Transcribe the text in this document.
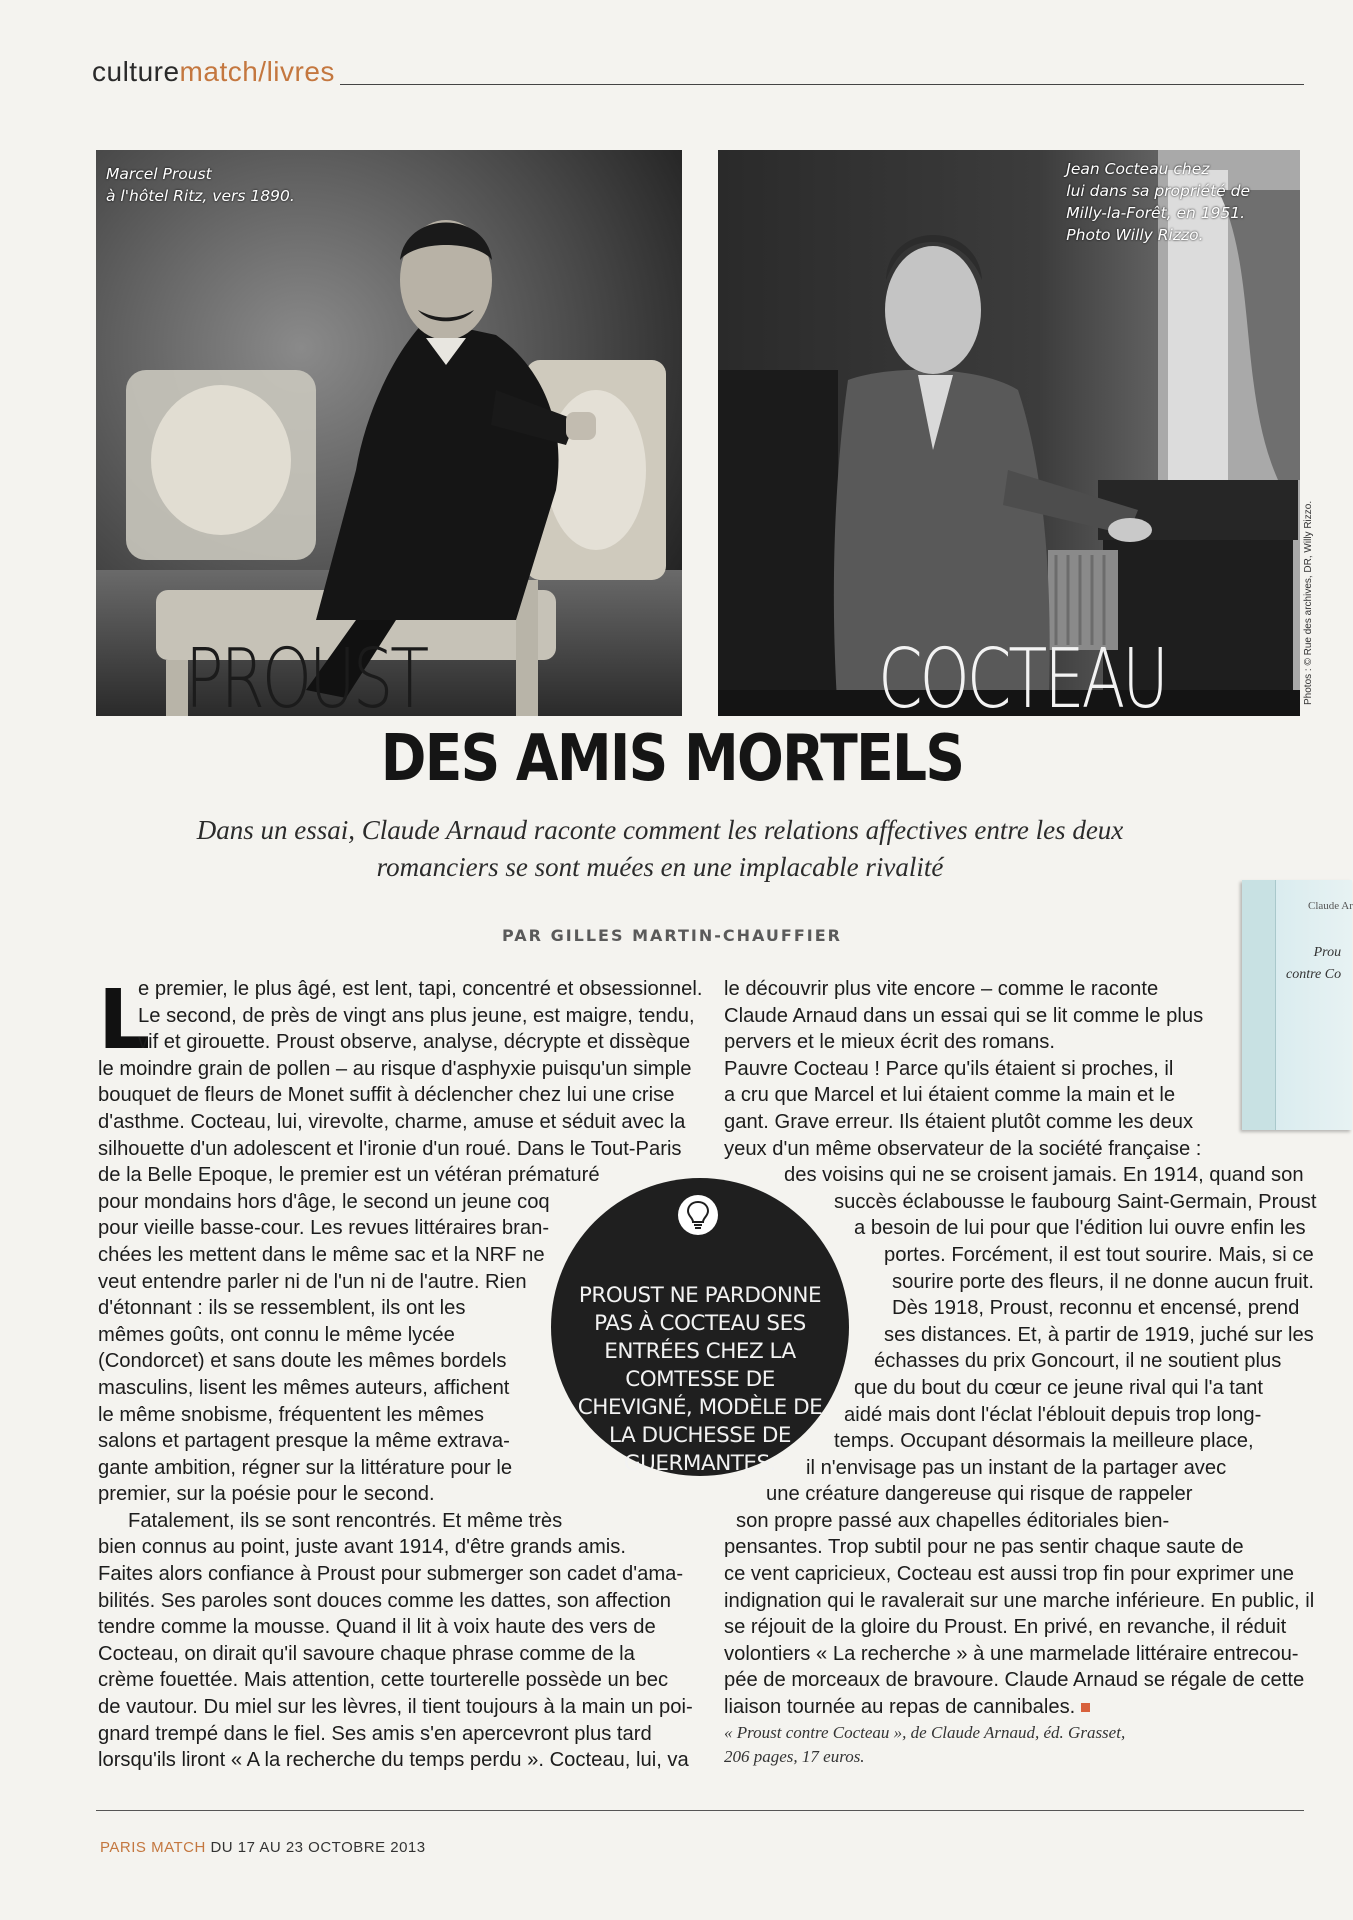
culturematch/livres
Marcel Proust
à l'hôtel Ritz, vers 1890.
Jean Cocteau chez
lui dans sa propriété de
Milly-la-Forêt, en 1951.
Photo Willy Rizzo.
PROUST	COCTEAU	Photos : © Rue des archives, DR, Willy Rizzo.
Claude Ar
Prou
contre Co
DES AMIS MORTELS

Dans un essai, Claude Arnaud raconte comment les relations affectives entre les deux romanciers se sont muées en une implacable rivalité

PAR GILLES MARTIN-CHAUFFIER
L
e premier, le plus âgé, est lent, tapi, concentré et obsessionnel.
Le second, de près de vingt ans plus jeune, est maigre, tendu,
vif et girouette. Proust observe, analyse, décrypte et dissèque
le moindre grain de pollen – au risque d'asphyxie puisqu'un simple
bouquet de fleurs de Monet suffit à déclencher chez lui une crise
d'asthme. Cocteau, lui, virevolte, charme, amuse et séduit avec la
silhouette d'un adolescent et l'ironie d'un roué. Dans le Tout-Paris
de la Belle Epoque, le premier est un vétéran prématuré
pour mondains hors d'âge, le second un jeune coq
pour vieille basse-cour. Les revues littéraires bran-
chées les mettent dans le même sac et la NRF ne
veut entendre parler ni de l'un ni de l'autre. Rien
d'étonnant : ils se ressemblent, ils ont les
mêmes goûts, ont connu le même lycée
(Condorcet) et sans doute les mêmes bordels
masculins, lisent les mêmes auteurs, affichent
le même snobisme, fréquentent les mêmes
salons et partagent presque la même extrava-
gante ambition, régner sur la littérature pour le
premier, sur la poésie pour le second.
Fatalement, ils se sont rencontrés. Et même très
bien connus au point, juste avant 1914, d'être grands amis.
Faites alors confiance à Proust pour submerger son cadet d'ama-
bilités. Ses paroles sont douces comme les dattes, son affection
tendre comme la mousse. Quand il lit à voix haute des vers de
Cocteau, on dirait qu'il savoure chaque phrase comme de la
crème fouettée. Mais attention, cette tourterelle possède un bec
de vautour. Du miel sur les lèvres, il tient toujours à la main un poi-
gnard trempé dans le fiel. Ses amis s'en apercevront plus tard
lorsqu'ils liront « A la recherche du temps perdu ». Cocteau, lui, va
le découvrir plus vite encore – comme le raconte
Claude Arnaud dans un essai qui se lit comme le plus
pervers et le mieux écrit des romans.
Pauvre Cocteau ! Parce qu'ils étaient si proches, il
a cru que Marcel et lui étaient comme la main et le
gant. Grave erreur. Ils étaient plutôt comme les deux
yeux d'un même observateur de la société française :
des voisins qui ne se croisent jamais. En 1914, quand son
succès éclabousse le faubourg Saint-Germain, Proust
a besoin de lui pour que l'édition lui ouvre enfin les
portes. Forcément, il est tout sourire. Mais, si ce
sourire porte des fleurs, il ne donne aucun fruit.
Dès 1918, Proust, reconnu et encensé, prend
ses distances. Et, à partir de 1919, juché sur les
échasses du prix Goncourt, il ne soutient plus
que du bout du cœur ce jeune rival qui l'a tant
aidé mais dont l'éclat l'éblouit depuis trop long-
temps. Occupant désormais la meilleure place,
il n'envisage pas un instant de la partager avec
une créature dangereuse qui risque de rappeler
son propre passé aux chapelles éditoriales bien-
pensantes. Trop subtil pour ne pas sentir chaque saute de
ce vent capricieux, Cocteau est aussi trop fin pour exprimer une
indignation qui le ravalerait sur une marche inférieure. En public, il
se réjouit de la gloire du Proust. En privé, en revanche, il réduit
volontiers « La recherche » à une marmelade littéraire entrecou-
pée de morceaux de bravoure. Claude Arnaud se régale de cette
liaison tournée au repas de cannibales.
« Proust contre Cocteau », de Claude Arnaud, éd. Grasset,
206 pages, 17 euros.
PROUST NE PARDONNE PAS À COCTEAU SES ENTRÉES CHEZ LA COMTESSE DE CHEVIGNÉ, MODÈLE DE LA DUCHESSE DE GUERMANTES.
PARIS MATCH DU 17 AU 23 OCTOBRE 2013
